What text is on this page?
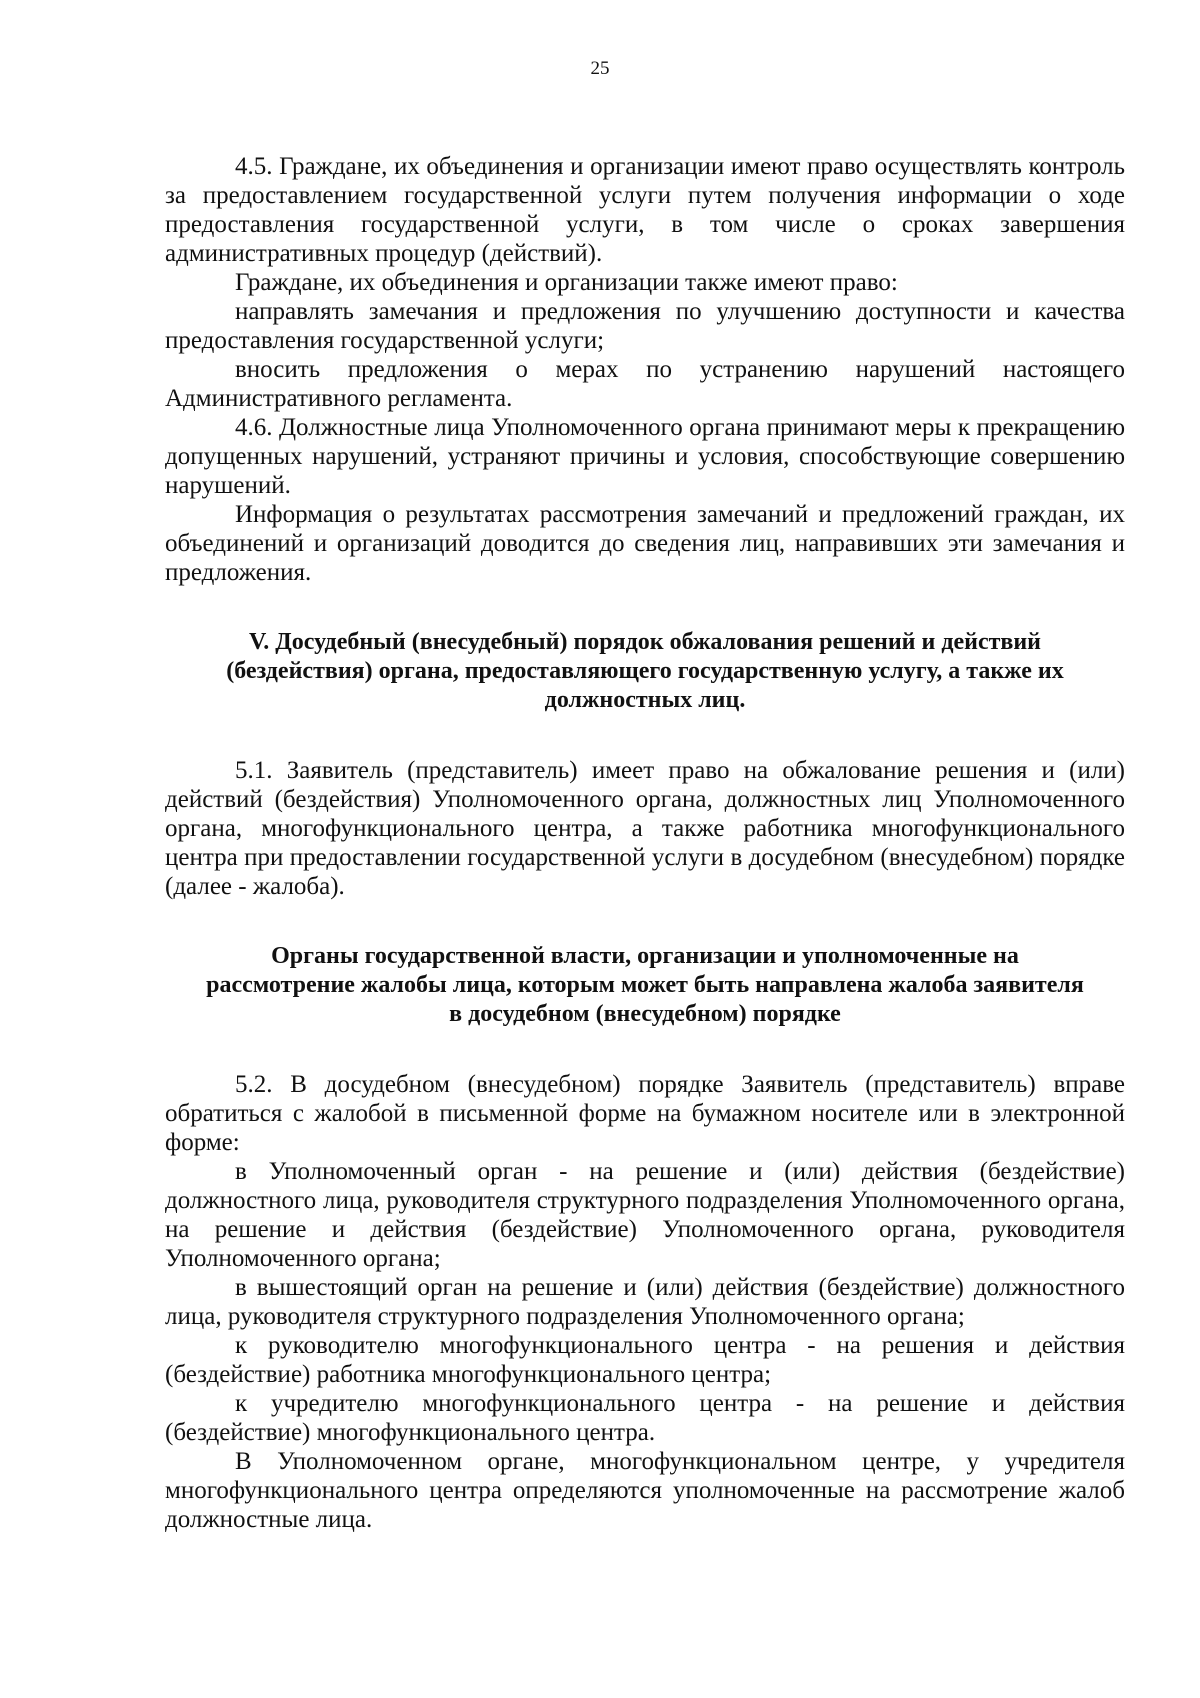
25

4.5. Граждане, их объединения и организации имеют право осуществлять контроль за предоставлением государственной услуги путем получения информации о ходе предоставления государственной услуги, в том числе о сроках завершения административных процедур (действий).

Граждане, их объединения и организации также имеют право:

направлять замечания и предложения по улучшению доступности и качества предоставления государственной услуги;

вносить предложения о мерах по устранению нарушений настоящего Административного регламента.

4.6. Должностные лица Уполномоченного органа принимают меры к прекращению допущенных нарушений, устраняют причины и условия, способствующие совершению нарушений.

Информация о результатах рассмотрения замечаний и предложений граждан, их объединений и организаций доводится до сведения лиц, направивших эти замечания и предложения.

V. Досудебный (внесудебный) порядок обжалования решений и действий (бездействия) органа, предоставляющего государственную услугу, а также их должностных лиц.

5.1. Заявитель (представитель) имеет право на обжалование решения и (или) действий (бездействия) Уполномоченного органа, должностных лиц Уполномоченного органа, многофункционального центра, а также работника многофункционального центра при предоставлении государственной услуги в досудебном (внесудебном) порядке (далее - жалоба).

Органы государственной власти, организации и уполномоченные на рассмотрение жалобы лица, которым может быть направлена жалоба заявителя в досудебном (внесудебном) порядке

5.2. В досудебном (внесудебном) порядке Заявитель (представитель) вправе обратиться с жалобой в письменной форме на бумажном носителе или в электронной форме:

в Уполномоченный орган - на решение и (или) действия (бездействие) должностного лица, руководителя структурного подразделения Уполномоченного органа, на решение и действия (бездействие) Уполномоченного органа, руководителя Уполномоченного органа;

в вышестоящий орган на решение и (или) действия (бездействие) должностного лица, руководителя структурного подразделения Уполномоченного органа;

к руководителю многофункционального центра - на решения и действия (бездействие) работника многофункционального центра;

к учредителю многофункционального центра - на решение и действия (бездействие) многофункционального центра.

В Уполномоченном органе, многофункциональном центре, у учредителя многофункционального центра определяются уполномоченные на рассмотрение жалоб должностные лица.
